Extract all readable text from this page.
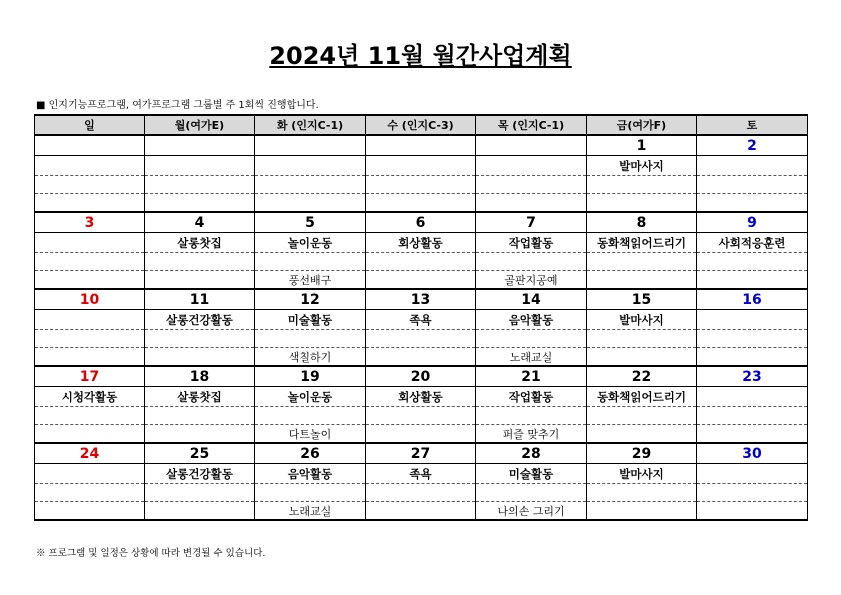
2024년 11월 월간사업계획
■ 인지기능프로그램, 여가프로그램 그룹별 주 1회씩 진행합니다.
일	월(여가E)	화 (인지C-1)	수 (인지C-3)	목 (인지C-1)	금(여가F)	토
					1	2
					발마사지	

3	4	5	6	7	8	9
	살롱찻집	놀이운동	회상활동	작업활동	동화책읽어드리기	사회적응훈련

		풍선배구		골판지공예		
10	11	12	13	14	15	16
	살롱건강활동	미술활동	족욕	음악활동	발마사지	

		색칠하기		노래교실		
17	18	19	20	21	22	23
시청각활동	살롱찻집	놀이운동	회상활동	작업활동	동화책읽어드리기	

		다트놀이		퍼즐 맞추기		
24	25	26	27	28	29	30
	살롱건강활동	음악활동	족욕	미술활동	발마사지	

		노래교실		나의손 그리기		
※ 프로그램 및 일정은 상황에 따라 변경될 수 있습니다.
